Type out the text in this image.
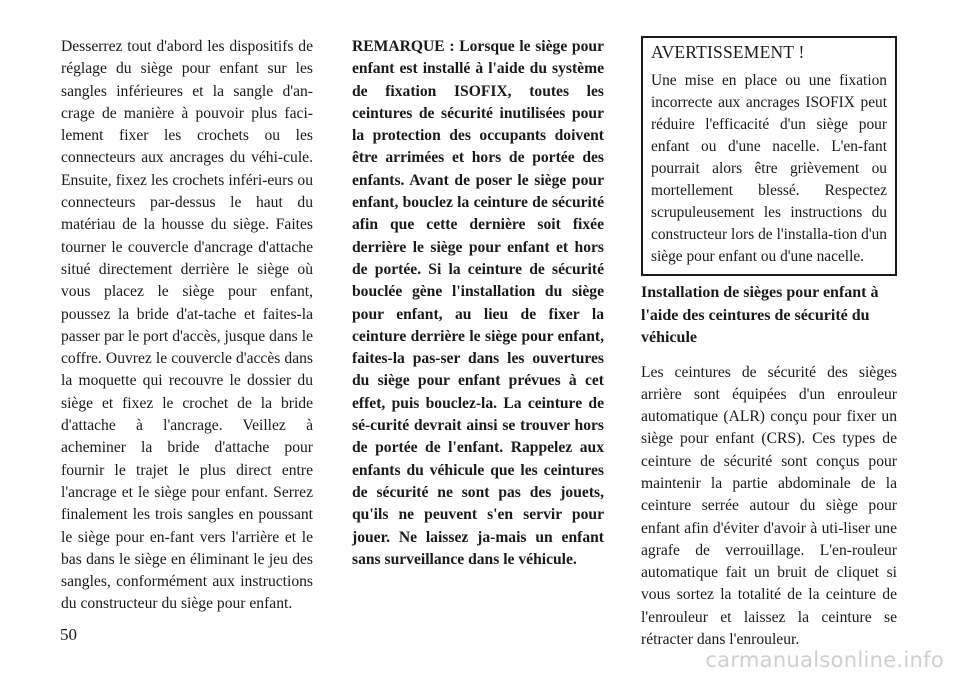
Desserrez tout d'abord les dispositifs de réglage du siège pour enfant sur les sangles inférieures et la sangle d'an-crage de manière à pouvoir plus faci-lement fixer les crochets ou les connecteurs aux ancrages du véhi-cule. Ensuite, fixez les crochets inféri-eurs ou connecteurs par-dessus le haut du matériau de la housse du siège. Faites tourner le couvercle d'ancrage d'attache situé directement derrière le siège où vous placez le siège pour enfant, poussez la bride d'at-tache et faites-la passer par le port d'accès, jusque dans le coffre. Ouvrez le couvercle d'accès dans la moquette qui recouvre le dossier du siège et fixez le crochet de la bride d'attache à l'ancrage. Veillez à acheminer la bride d'attache pour fournir le trajet le plus direct entre l'ancrage et le siège pour enfant. Serrez finalement les trois sangles en poussant le siège pour en-fant vers l'arrière et le bas dans le siège en éliminant le jeu des sangles, conformément aux instructions du constructeur du siège pour enfant.

REMARQUE : Lorsque le siège pour enfant est installé à l'aide du système de fixation ISOFIX, toutes les ceintures de sécurité inutilisées pour la protection des occupants doivent être arrimées et hors de portée des enfants. Avant de poser le siège pour enfant, bouclez la ceinture de sécurité afin que cette dernière soit fixée derrière le siège pour enfant et hors de portée. Si la ceinture de sécurité bouclée gène l'installation du siège pour enfant, au lieu de fixer la ceinture derrière le siège pour enfant, faites-la pas-ser dans les ouvertures du siège pour enfant prévues à cet effet, puis bouclez-la. La ceinture de sé-curité devrait ainsi se trouver hors de portée de l'enfant. Rappelez aux enfants du véhicule que les ceintures de sécurité ne sont pas des jouets, qu'ils ne peuvent s'en servir pour jouer. Ne laissez ja-mais un enfant sans surveillance dans le véhicule.

AVERTISSEMENT !
Une mise en place ou une fixation incorrecte aux ancrages ISOFIX peut réduire l'efficacité d'un siège pour enfant ou d'une nacelle. L'en-fant pourrait alors être grièvement ou mortellement blessé. Respectez scrupuleusement les instructions du constructeur lors de l'installa-tion d'un siège pour enfant ou d'une nacelle.
Installation de sièges pour enfant à l'aide des ceintures de sécurité du véhicule

Les ceintures de sécurité des sièges arrière sont équipées d'un enrouleur automatique (ALR) conçu pour fixer un siège pour enfant (CRS). Ces types de ceinture de sécurité sont conçus pour maintenir la partie abdominale de la ceinture serrée autour du siège pour enfant afin d'éviter d'avoir à uti-liser une agrafe de verrouillage. L'en-rouleur automatique fait un bruit de cliquet si vous sortez la totalité de la ceinture de l'enrouleur et laissez la ceinture se rétracter dans l'enrouleur.

50
carmanualsonline.info
